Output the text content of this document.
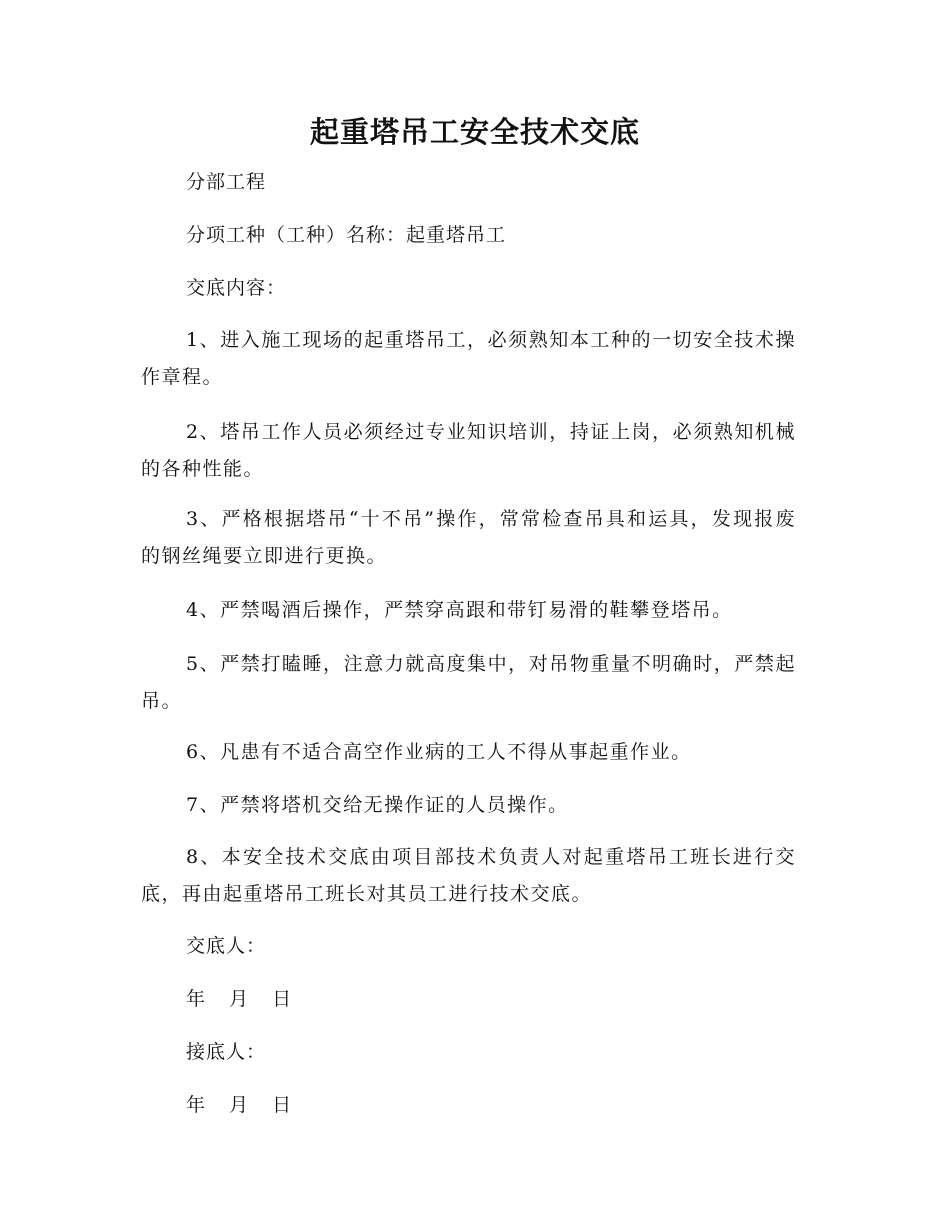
起重塔吊工安全技术交底
分部工程
分项工种（工种）名称：起重塔吊工
交底内容：
1、进入施工现场的起重塔吊工，必须熟知本工种的一切安全技术操作章程。
2、塔吊工作人员必须经过专业知识培训，持证上岗，必须熟知机械的各种性能。
3、严格根据塔吊“十不吊”操作，常常检查吊具和运具，发现报废的钢丝绳要立即进行更换。
4、严禁喝酒后操作，严禁穿高跟和带钉易滑的鞋攀登塔吊。
5、严禁打瞌睡，注意力就高度集中，对吊物重量不明确时，严禁起吊。
6、凡患有不适合高空作业病的工人不得从事起重作业。
7、严禁将塔机交给无操作证的人员操作。
8、本安全技术交底由项目部技术负责人对起重塔吊工班长进行交底，再由起重塔吊工班长对其员工进行技术交底。
交底人：
年 月 日
接底人：
年 月 日
